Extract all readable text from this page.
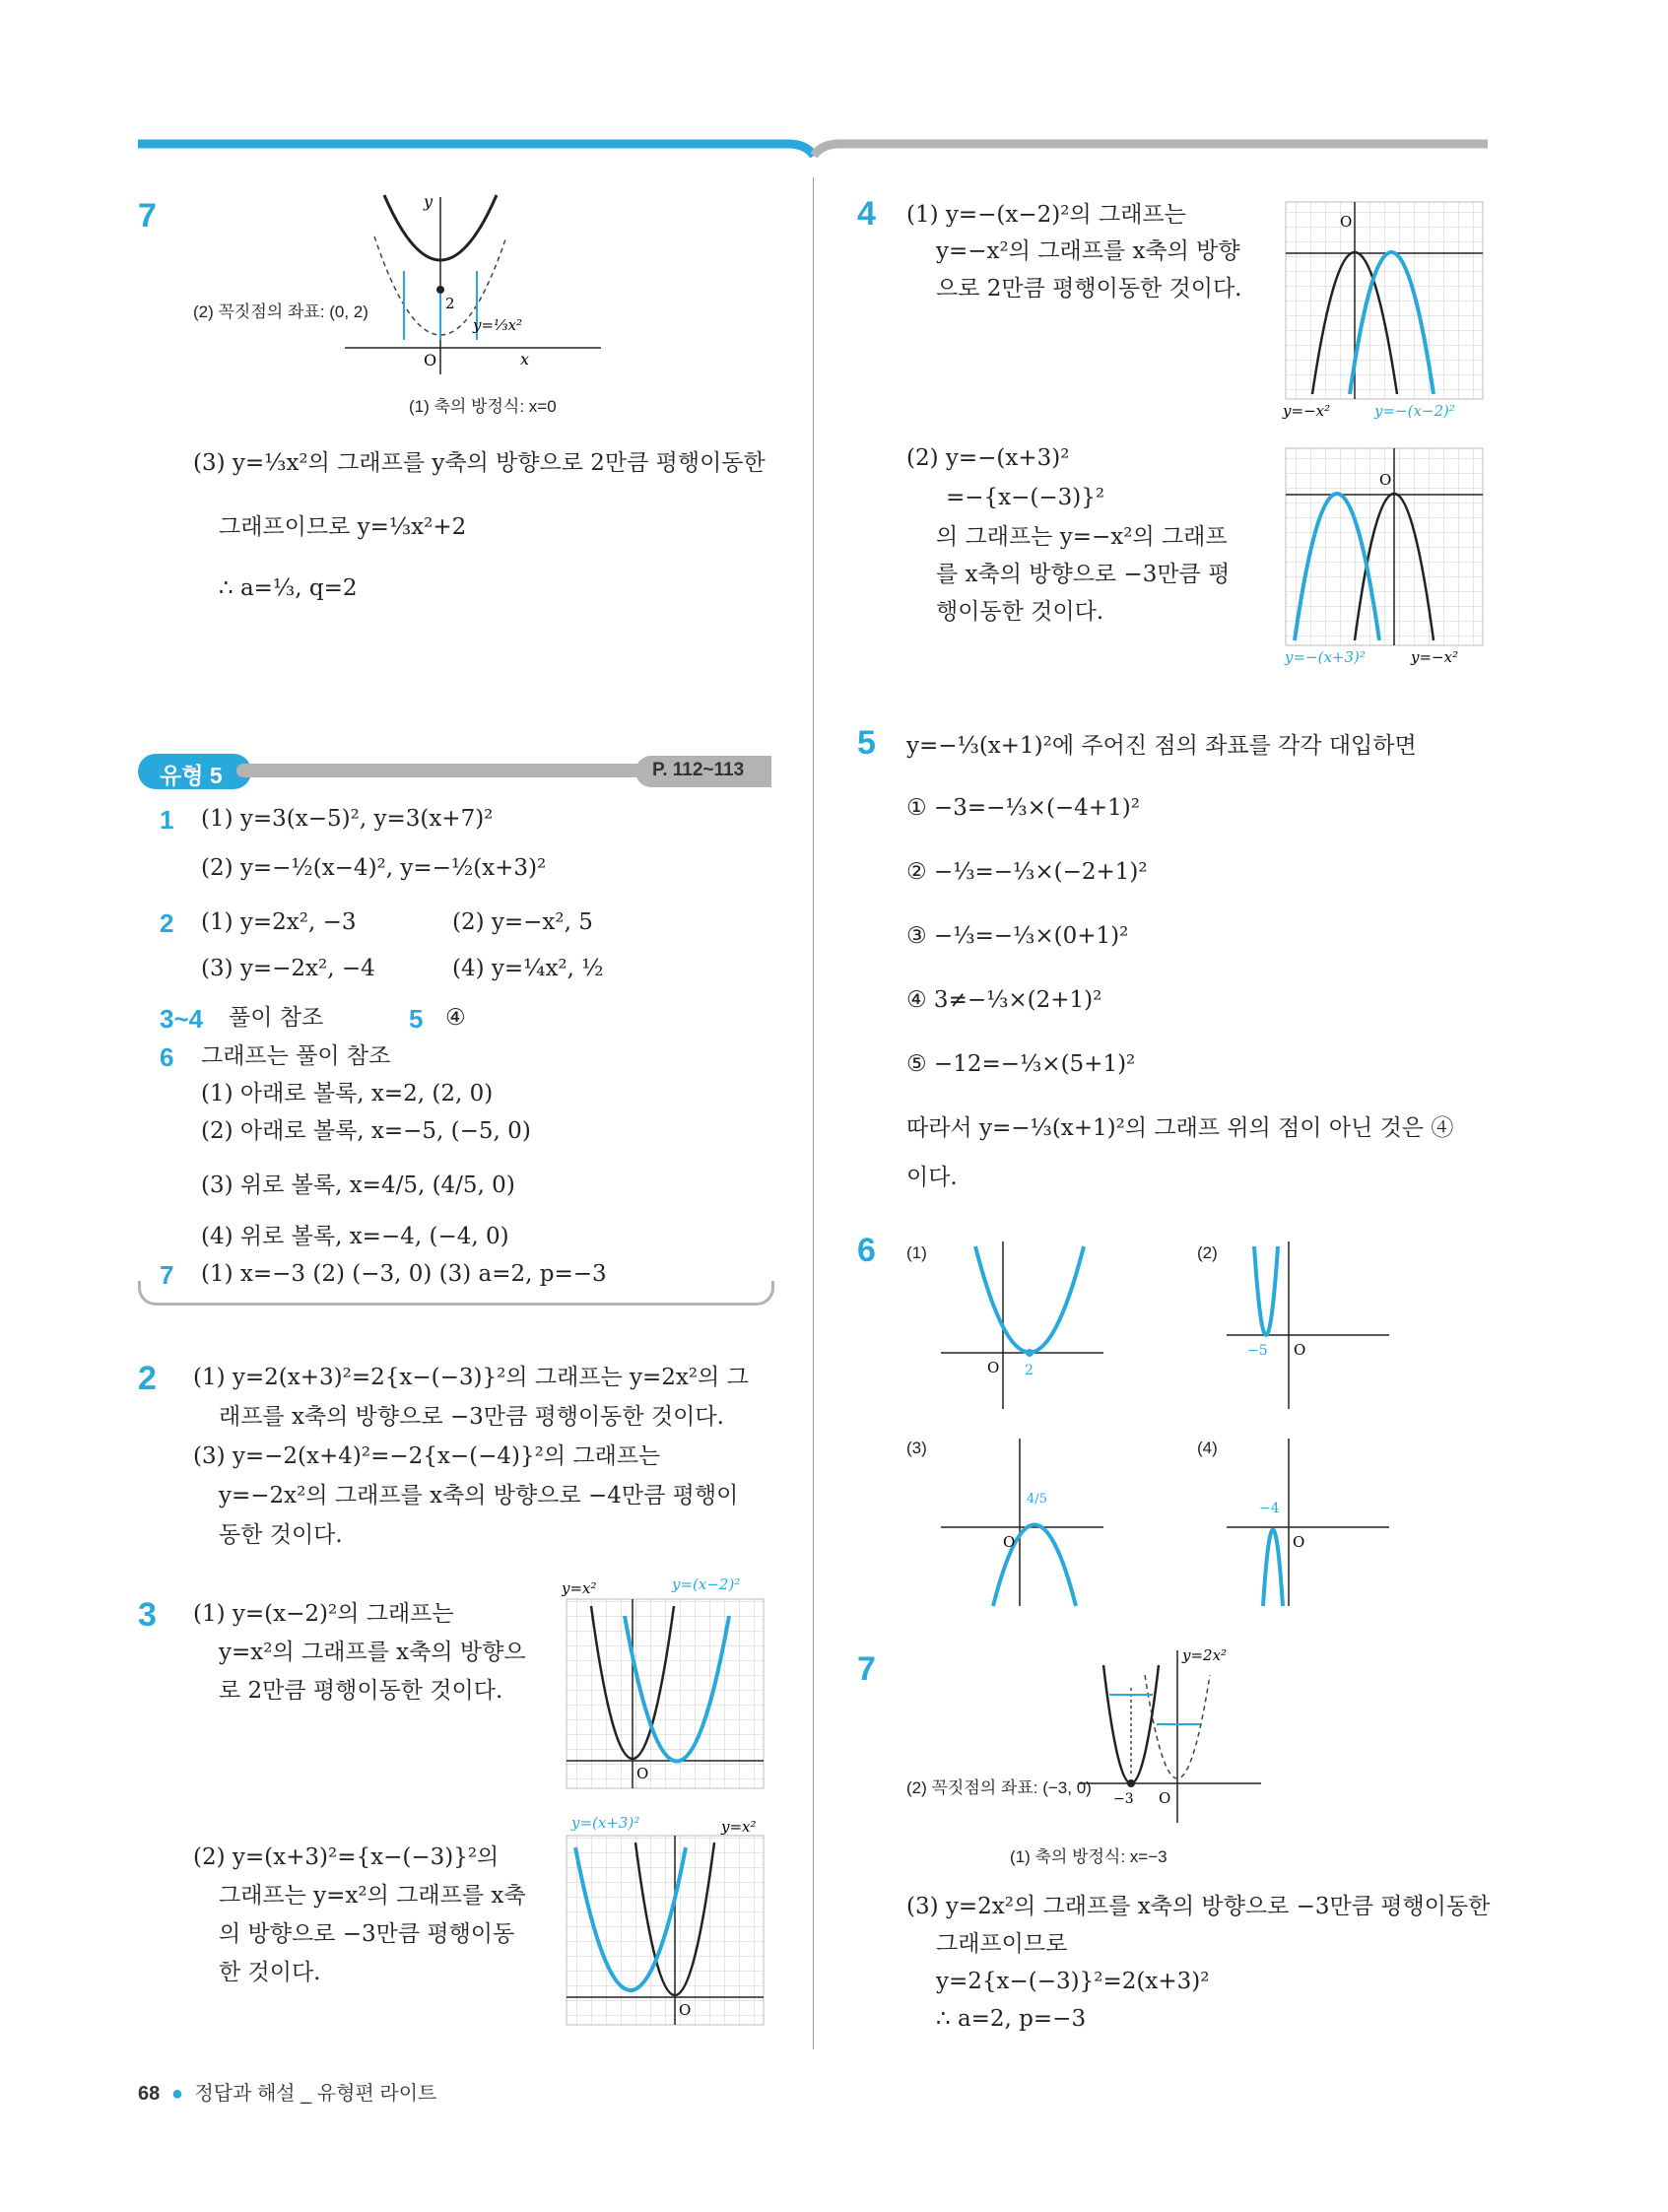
7	y
2
O	x
y=⅓x²
(2) 꼭짓점의 좌표: (0, 2)
(1) 축의 방정식: x=0
(3) y=⅓x²의 그래프를 y축의 방향으로 2만큼 평행이동한
그래프이므로 y=⅓x²+2
∴ a=⅓, q=2
유형 5	P. 112~113
1 (1) y=3(x−5)², y=3(x+7)²
(2) y=−½(x−4)², y=−½(x+3)²
2 (1) y=2x², −3	(2) y=−x², 5
(3) y=−2x², −4	(4) y=¼x², ½
3~4 풀이 참조	5 ④
6 그래프는 풀이 참조
(1) 아래로 볼록, x=2, (2, 0)
(2) 아래로 볼록, x=−5, (−5, 0)
(3) 위로 볼록, x=4/5, (4/5, 0)
(4) 위로 볼록, x=−4, (−4, 0)
7 (1) x=−3 (2) (−3, 0) (3) a=2, p=−3
2 (1) y=2(x+3)²=2{x−(−3)}²의 그래프는 y=2x²의 그
래프를 x축의 방향으로 −3만큼 평행이동한 것이다.
(3) y=−2(x+4)²=−2{x−(−4)}²의 그래프는
y=−2x²의 그래프를 x축의 방향으로 −4만큼 평행이
동한 것이다.
3 (1) y=(x−2)²의 그래프는
y=x²의 그래프를 x축의 방향으
로 2만큼 평행이동한 것이다.
y=x²	y=(x−2)²
O
(2) y=(x+3)²={x−(−3)}²의
그래프는 y=x²의 그래프를 x축
의 방향으로 −3만큼 평행이동
한 것이다.
y=(x+3)²	y=x²
O
4 (1) y=−(x−2)²의 그래프는
y=−x²의 그래프를 x축의 방향
으로 2만큼 평행이동한 것이다.
O
y=−x²	y=−(x−2)²
(2) y=−(x+3)²
=−{x−(−3)}²
의 그래프는 y=−x²의 그래프
를 x축의 방향으로 −3만큼 평
행이동한 것이다.
O
y=−(x+3)²	y=−x²
5 y=−⅓(x+1)²에 주어진 점의 좌표를 각각 대입하면
① −3=−⅓×(−4+1)²
② −⅓=−⅓×(−2+1)²
③ −⅓=−⅓×(0+1)²
④ 3≠−⅓×(2+1)²
⑤ −12=−⅓×(5+1)²
따라서 y=−⅓(x+1)²의 그래프 위의 점이 아닌 것은 ④
이다.
6 (1)	(2)
(3)	(4)
O 2
O
−5
O
4/5
O
−4
7	y=2x²
−3 O
(2) 꼭짓점의 좌표: (−3, 0)
(1) 축의 방정식: x=−3
(3) y=2x²의 그래프를 x축의 방향으로 −3만큼 평행이동한
그래프이므로
y=2{x−(−3)}²=2(x+3)²
∴ a=2, p=−3
68 ● 정답과 해설 _ 유형편 라이트
